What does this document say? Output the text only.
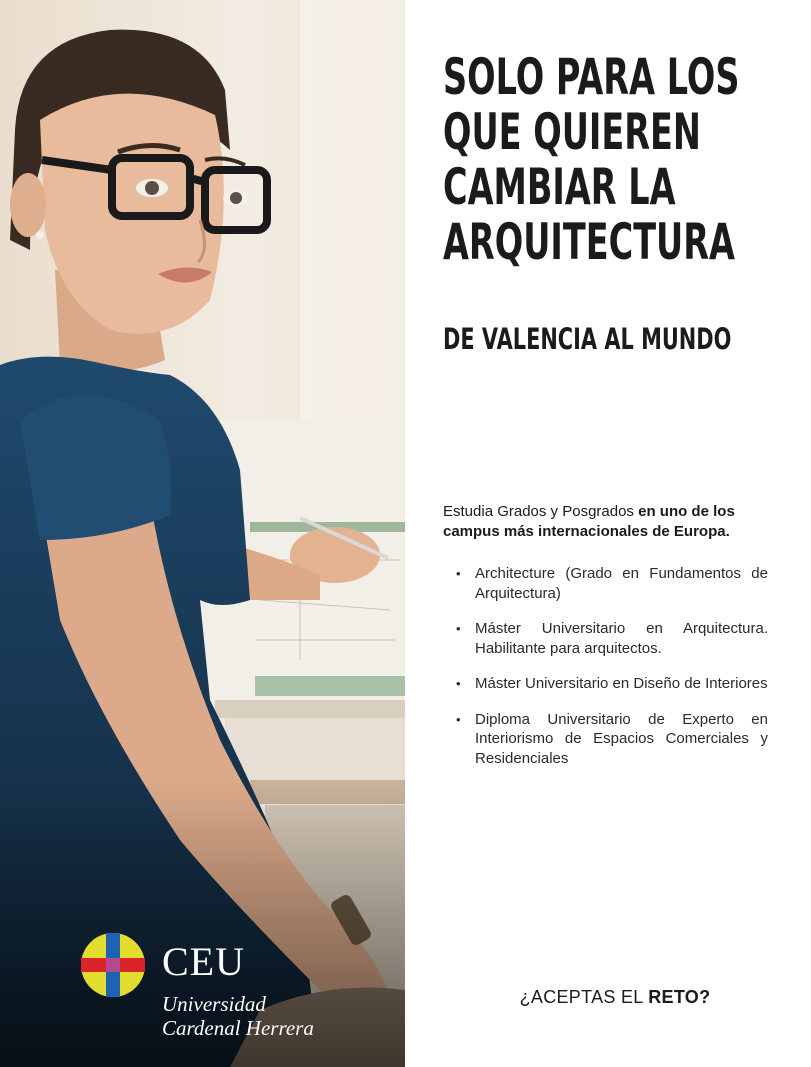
CEU
Universidad
Cardenal Herrera
SOLO PARA LOS
QUE QUIEREN
CAMBIAR LA
ARQUITECTURA
DE VALENCIA AL MUNDO

Estudia Grados y Posgrados en uno de los campus más internacionales de Europa.

• Architecture (Grado en Fundamentos de Arquitectura)
• Máster Universitario en Arquitectura. Habilitante para arquitectos.
• Máster Universitario en Diseño de Interiores
• Diploma Universitario de Experto en Interiorismo de Espacios Comerciales y Residenciales

¿ACEPTAS EL RETO?
